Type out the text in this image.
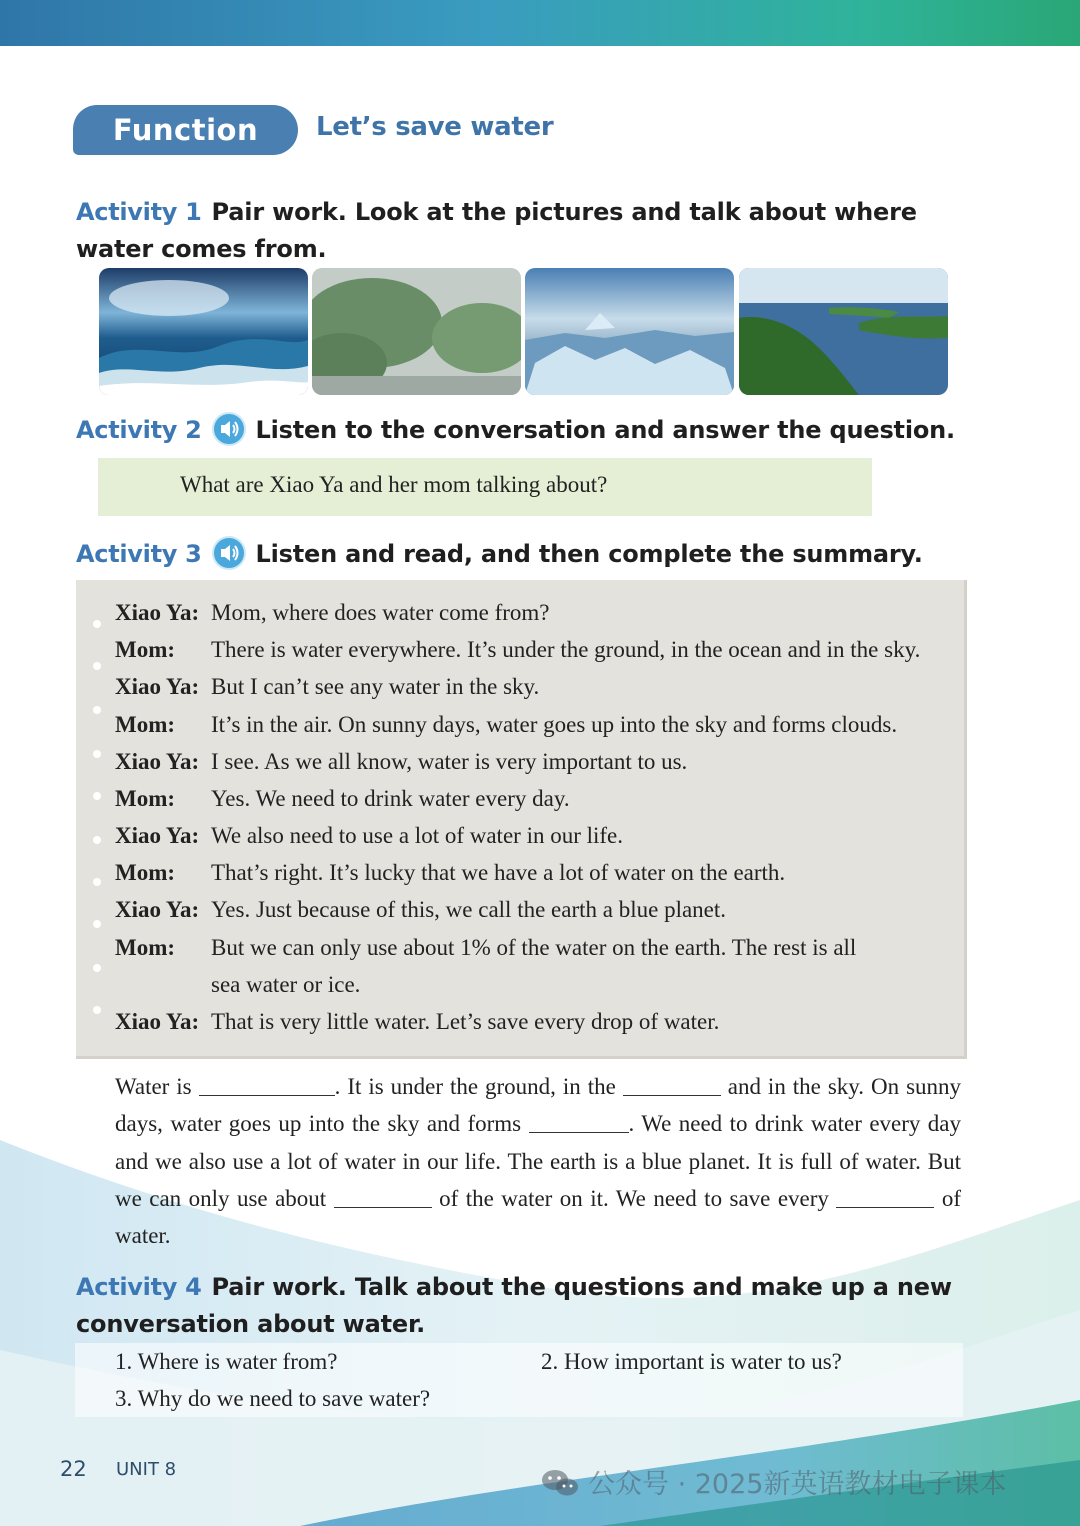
Function	Let’s save water
Activity 1 Pair work. Look at the pictures and talk about where water comes from.
Activity 2 Listen to the conversation and answer the question.
What are Xiao Ya and her mom talking about?
Activity 3 Listen and read, and then complete the summary.
Xiao Ya: Mom, where does water come from?
Mom: There is water everywhere. It’s under the ground, in the ocean and in the sky.
Xiao Ya: But I can’t see any water in the sky.
Mom: It’s in the air. On sunny days, water goes up into the sky and forms clouds.
Xiao Ya: I see. As we all know, water is very important to us.
Mom: Yes. We need to drink water every day.
Xiao Ya: We also need to use a lot of water in our life.
Mom: That’s right. It’s lucky that we have a lot of water on the earth.
Xiao Ya: Yes. Just because of this, we call the earth a blue planet.
Mom: But we can only use about 1% of the water on the earth. The rest is all
sea water or ice.
Xiao Ya: That is very little water. Let’s save every drop of water.

Water is	. It is under the ground, in the	and in the sky. On sunny days, water goes up into the sky and forms	. We need to drink water every day and we also use a lot of water in our life. The earth is a blue planet. It is full of water. But we can only use about	of the water on it. We need to save every	of water.

Activity 4 Pair work. Talk about the questions and make up a new conversation about water.
1. Where is water from?	2. How important is water to us?
3. Why do we need to save water?
22 UNIT 8	公众号 · 2025新英语教材电子课本
